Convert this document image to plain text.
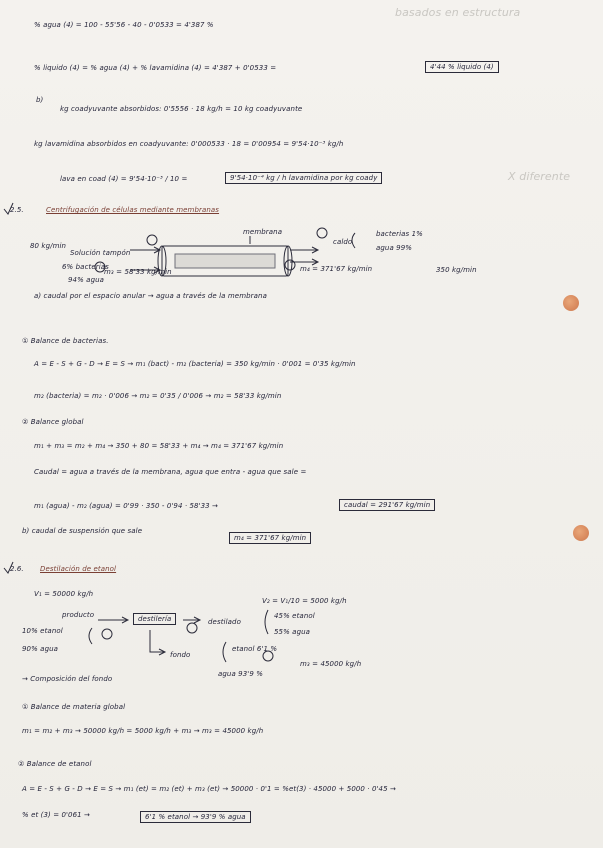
basados en estructura
% agua (4) = 100 - 55'56 - 40 - 0'0533 = 4'387 %
% liquido (4) = % agua (4) + % lavamidina (4) = 4'387 + 0'0533 =	4'44 % liquido (4)
b)
kg coadyuvante absorbidos: 0'5556 · 18 kg/h = 10 kg coadyuvante
kg lavamidina absorbidos en coadyuvante: 0'000533 · 18 = 0'00954 = 9'54·10⁻³ kg/h
lava en coad (4) = 9'54·10⁻³ / 10 =	9'54·10⁻⁴ kg / h lavamidina por kg coady	X diferente
2.5.	Centrifugación de células mediante membranas
membrana
80 kg/min
Solución tampón
6% bacterias
94% agua
caldo
bacterias 1%
agua 99%
350 kg/min
m₃ = 58'33 kg/min	m₄ = 371'67 kg/min
a) caudal por el espacio anular → agua a través de la membrana
① Balance de bacterias.
A = E - S + G - D → E = S → m₁ (bact) - m₂ (bacteria) = 350 kg/min · 0'001 = 0'35 kg/min
m₂ (bacteria) = m₂ · 0'006 → m₂ = 0'35 / 0'006 → m₂ = 58'33 kg/min
② Balance global
m₁ + m₃ = m₂ + m₄ → 350 + 80 = 58'33 + m₄ → m₄ = 371'67 kg/min
Caudal = agua a través de la membrana, agua que entra - agua que sale =
m₁ (agua) - m₂ (agua) = 0'99 · 350 - 0'94 · 58'33 →	caudal = 291'67 kg/min
b) caudal de suspensión que sale
m₄ = 371'67 kg/min
2.6. Destilación de etanol
V₁ = 50000 kg/h
V₂ = V₁/10 = 5000 kg/h
producto	destilería	destilado
45% etanol
55% agua
10% etanol
90% agua
fondo
etanol 6'1 %
agua 93'9 %
m₃ = 45000 kg/h
→ Composición del fondo
① Balance de materia global
m₁ = m₂ + m₃ → 50000 kg/h = 5000 kg/h + m₃ → m₃ = 45000 kg/h
② Balance de etanol
A = E - S + G - D → E = S → m₁ (et) = m₂ (et) + m₃ (et) → 50000 · 0'1 = %et(3) · 45000 + 5000 · 0'45 →
% et (3) = 0'061 →	6'1 % etanol → 93'9 % agua
